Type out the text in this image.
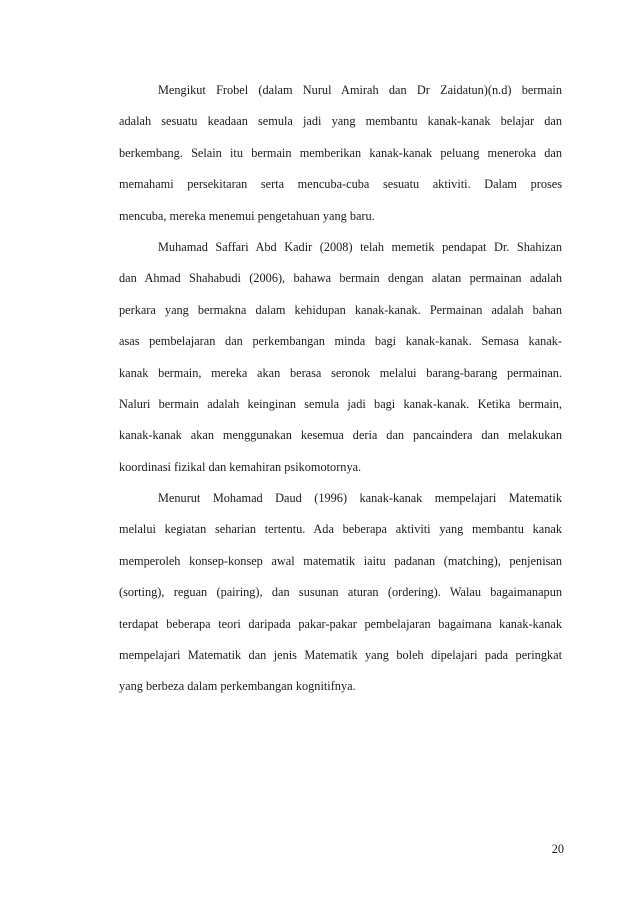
Mengikut Frobel (dalam Nurul Amirah dan Dr Zaidatun)(n.d) bermain
adalah sesuatu keadaan semula jadi yang membantu kanak-kanak belajar dan
berkembang. Selain itu bermain memberikan kanak-kanak peluang meneroka dan
memahami persekitaran serta mencuba-cuba sesuatu aktiviti. Dalam proses
mencuba, mereka menemui pengetahuan yang baru.

Muhamad Saffari Abd Kadir (2008) telah memetik pendapat Dr. Shahizan
dan Ahmad Shahabudi (2006), bahawa bermain dengan alatan permainan adalah
perkara yang bermakna dalam kehidupan kanak-kanak. Permainan adalah bahan
asas pembelajaran dan perkembangan minda bagi kanak-kanak. Semasa kanak-
kanak bermain, mereka akan berasa seronok melalui barang-barang permainan.
Naluri bermain adalah keinginan semula jadi bagi kanak-kanak. Ketika bermain,
kanak-kanak akan menggunakan kesemua deria dan pancaindera dan melakukan
koordinasi fizikal dan kemahiran psikomotornya.

Menurut Mohamad Daud (1996) kanak-kanak mempelajari Matematik
melalui kegiatan seharian tertentu. Ada beberapa aktiviti yang membantu kanak
memperoleh konsep-konsep awal matematik iaitu padanan (matching), penjenisan
(sorting), reguan (pairing), dan susunan aturan (ordering). Walau bagaimanapun
terdapat beberapa teori daripada pakar-pakar pembelajaran bagaimana kanak-kanak
mempelajari Matematik dan jenis Matematik yang boleh dipelajari pada peringkat
yang berbeza dalam perkembangan kognitifnya.

20
